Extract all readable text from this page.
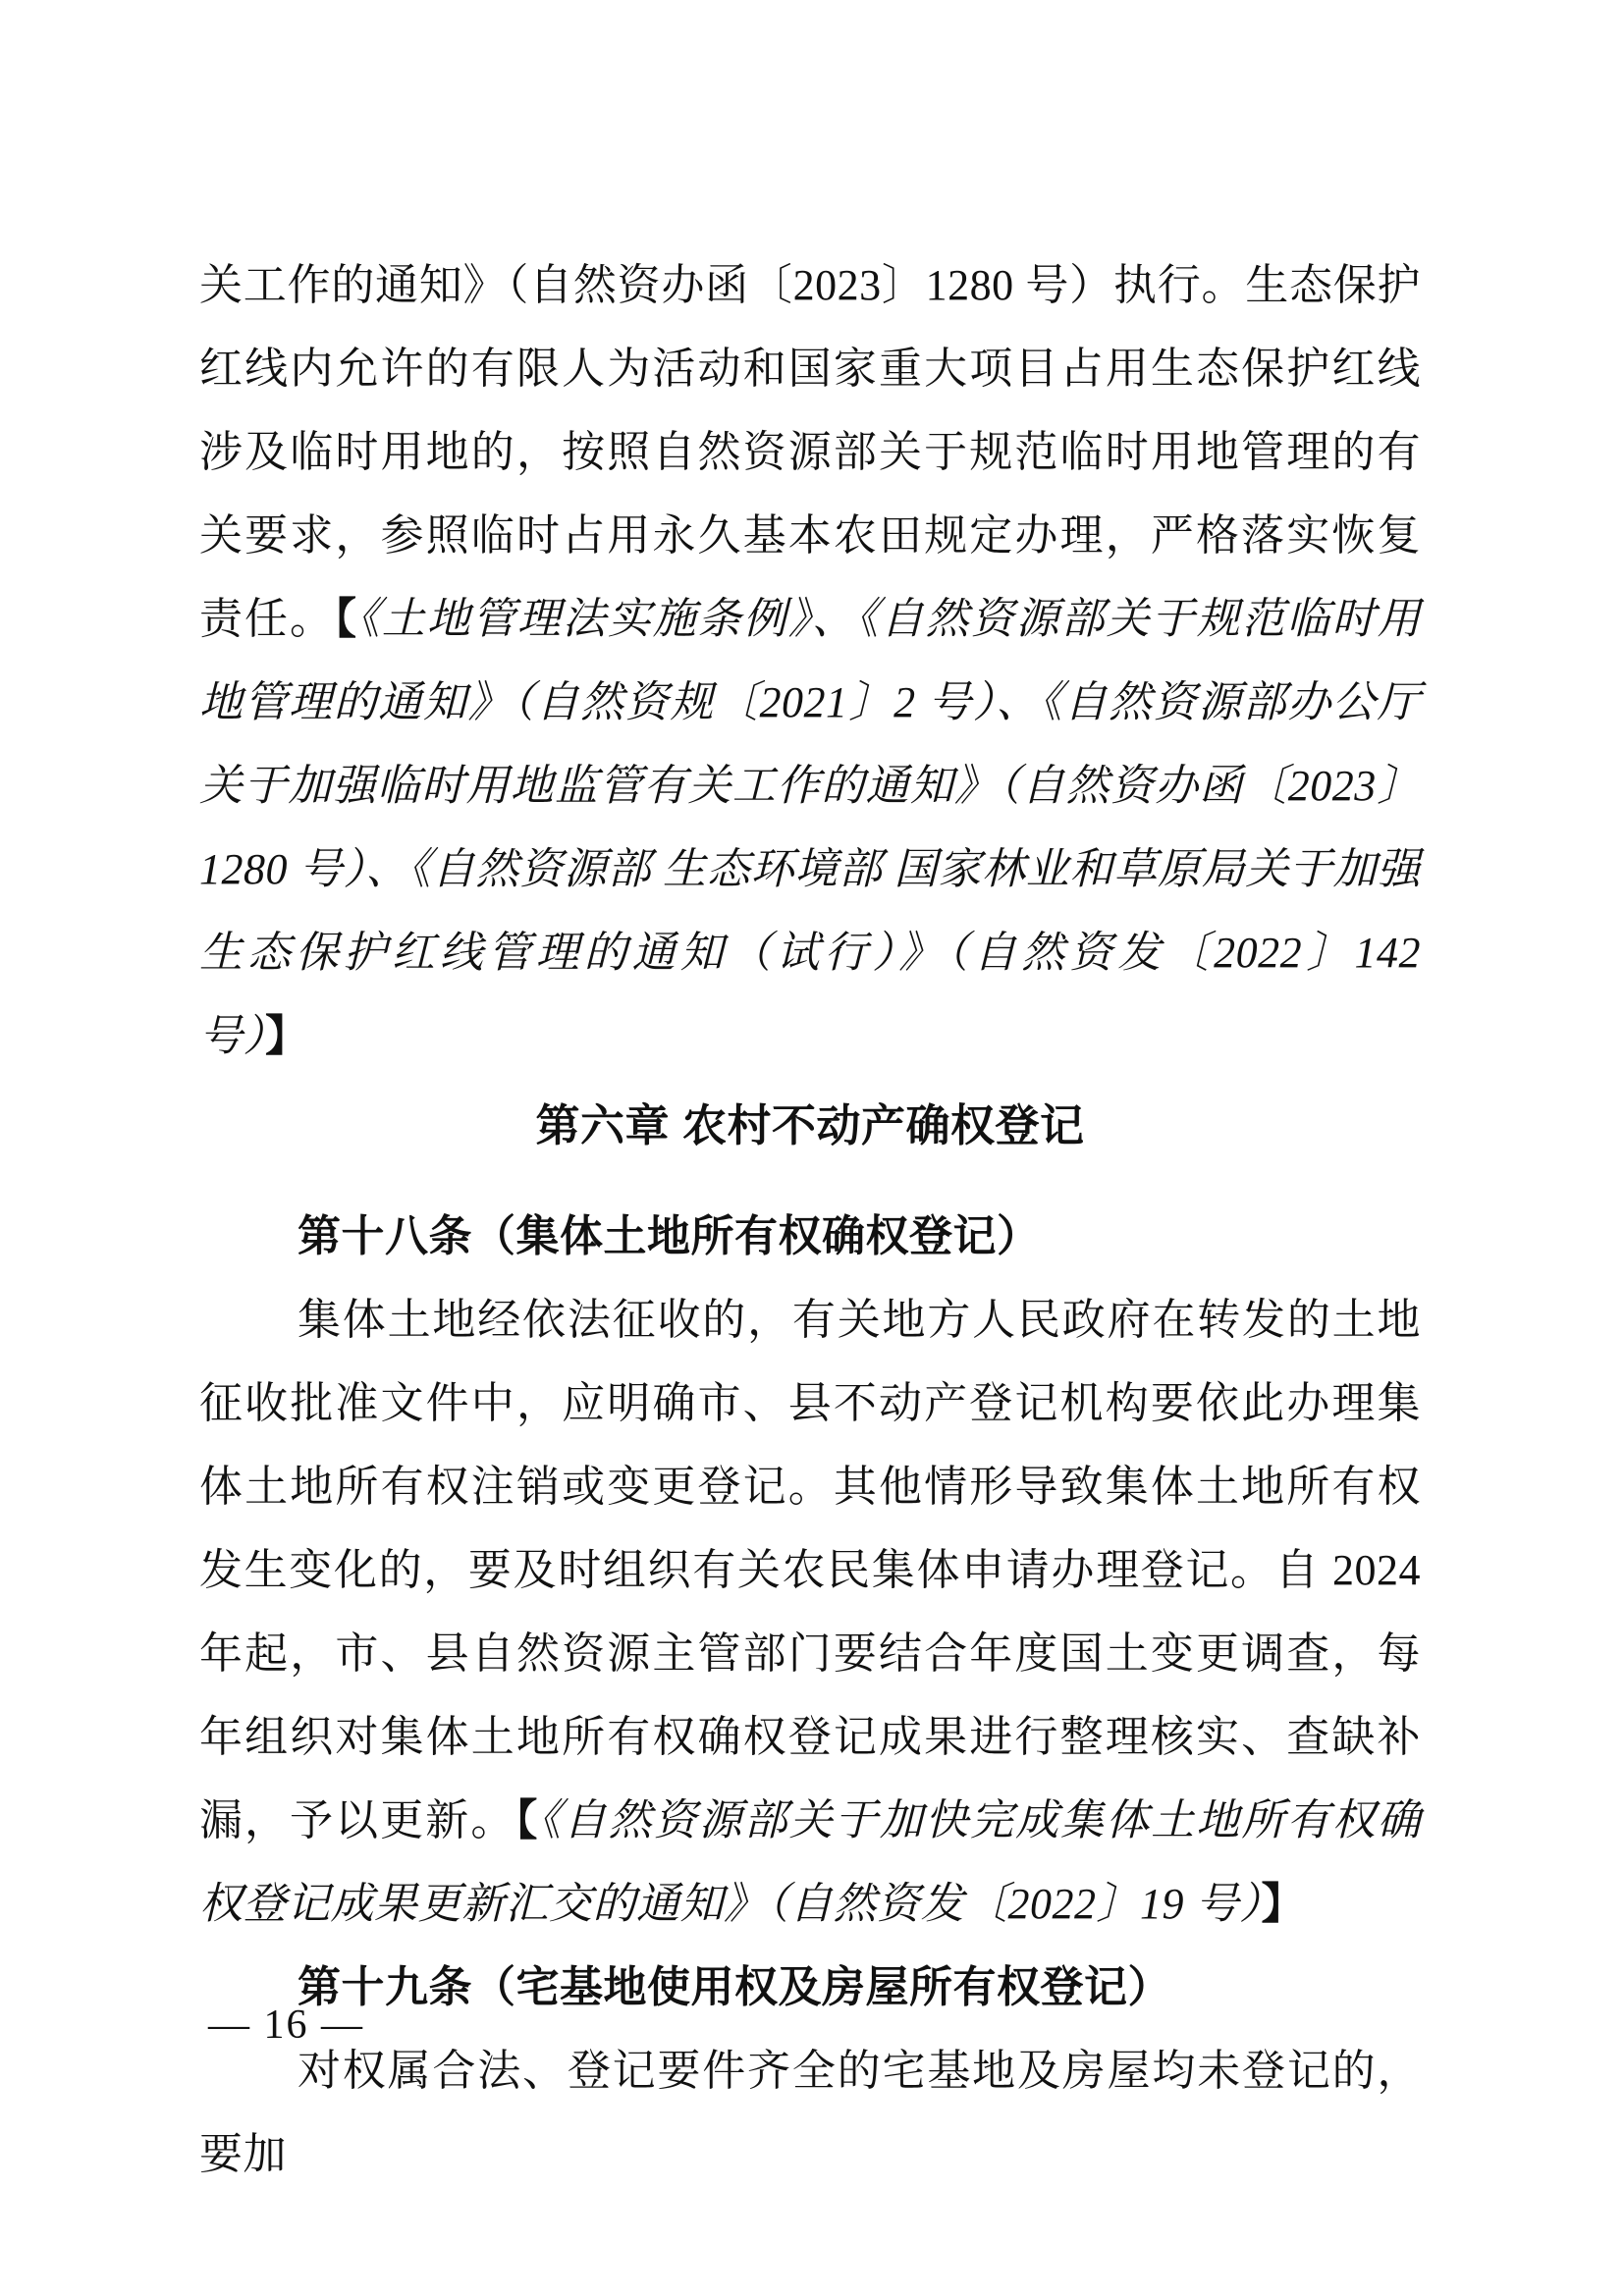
关工作的通知》（自然资办函〔2023〕1280 号）执行。生态保护红线内允许的有限人为活动和国家重大项目占用生态保护红线涉及临时用地的，按照自然资源部关于规范临时用地管理的有关要求，参照临时占用永久基本农田规定办理，严格落实恢复责任。【《土地管理法实施条例》、《自然资源部关于规范临时用地管理的通知》（自然资规〔2021〕2 号）、《自然资源部办公厅关于加强临时用地监管有关工作的通知》（自然资办函〔2023〕1280 号）、《自然资源部 生态环境部 国家林业和草原局关于加强生态保护红线管理的通知（试行）》（自然资发〔2022〕142 号）】

第六章 农村不动产确权登记
第十八条（集体土地所有权确权登记）

集体土地经依法征收的，有关地方人民政府在转发的土地征收批准文件中，应明确市、县不动产登记机构要依此办理集体土地所有权注销或变更登记。其他情形导致集体土地所有权发生变化的，要及时组织有关农民集体申请办理登记。自 2024 年起，市、县自然资源主管部门要结合年度国土变更调查，每年组织对集体土地所有权确权登记成果进行整理核实、查缺补漏，予以更新。【《自然资源部关于加快完成集体土地所有权确权登记成果更新汇交的通知》（自然资发〔2022〕19 号）】

第十九条（宅基地使用权及房屋所有权登记）

对权属合法、登记要件齐全的宅基地及房屋均未登记的，要加

— 16 —
